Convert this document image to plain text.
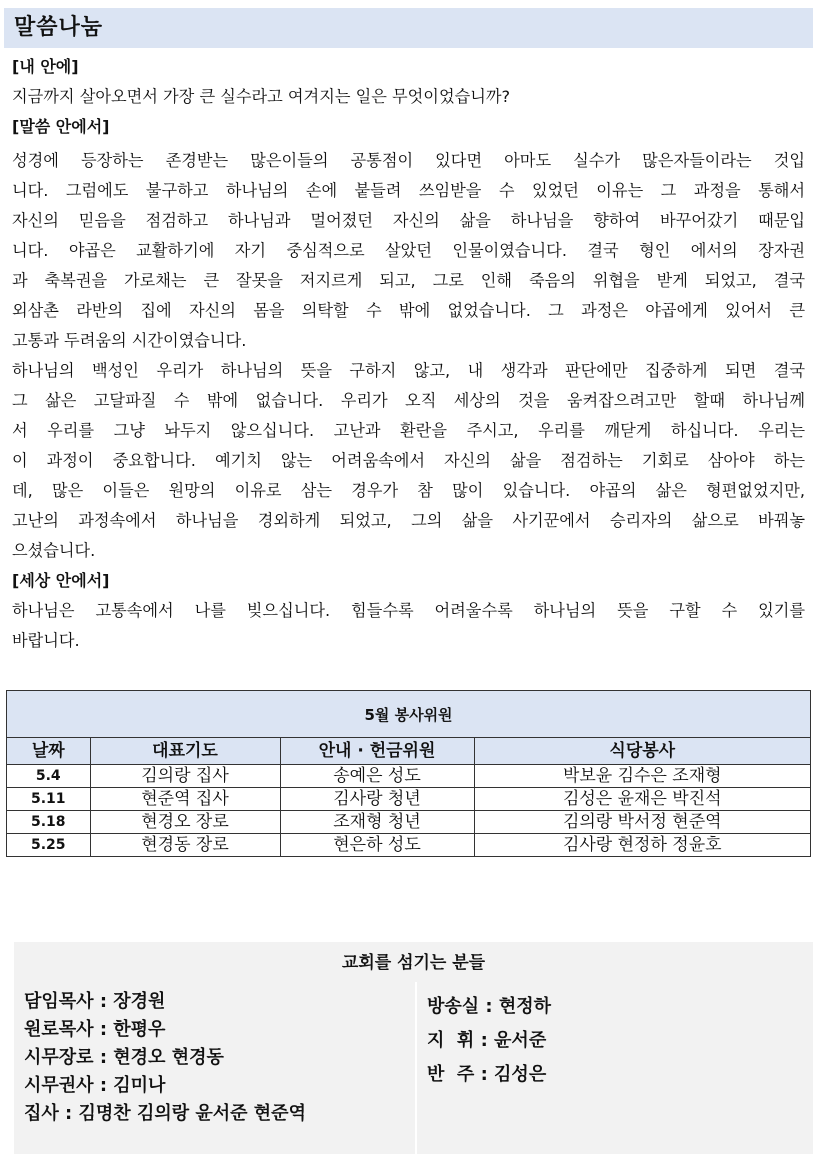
말씀나눔
[내 안에]
지금까지 살아오면서 가장 큰 실수라고 여겨지는 일은 무엇이었습니까?
[말씀 안에서]
성경에 등장하는 존경받는 많은이들의 공통점이 있다면 아마도 실수가 많은자들이라는 것입
니다. 그럼에도 불구하고 하나님의 손에 붙들려 쓰임받을 수 있었던 이유는 그 과정을 통해서
자신의 믿음을 점검하고 하나님과 멀어졌던 자신의 삶을 하나님을 향하여 바꾸어갔기 때문입
니다. 야곱은 교활하기에 자기 중심적으로 살았던 인물이였습니다. 결국 형인 에서의 장자권
과 축복권을 가로채는 큰 잘못을 저지르게 되고, 그로 인해 죽음의 위협을 받게 되었고, 결국
외삼촌 라반의 집에 자신의 몸을 의탁할 수 밖에 없었습니다. 그 과정은 야곱에게 있어서 큰
고통과 두려움의 시간이였습니다.
하나님의 백성인 우리가 하나님의 뜻을 구하지 않고, 내 생각과 판단에만 집중하게 되면 결국
그 삶은 고달파질 수 밖에 없습니다. 우리가 오직 세상의 것을 움켜잡으려고만 할때 하나님께
서 우리를 그냥 놔두지 않으십니다. 고난과 환란을 주시고, 우리를 깨닫게 하십니다. 우리는
이 과정이 중요합니다. 예기치 않는 어려움속에서 자신의 삶을 점검하는 기회로 삼아야 하는
데, 많은 이들은 원망의 이유로 삼는 경우가 참 많이 있습니다. 야곱의 삶은 형편없었지만,
고난의 과정속에서 하나님을 경외하게 되었고, 그의 삶을 사기꾼에서 승리자의 삶으로 바꿔놓
으셨습니다.
[세상 안에서]
하나님은 고통속에서 나를 빚으십니다. 힘들수록 어려울수록 하나님의 뜻을 구할 수 있기를
바랍니다.
5월 봉사위원
날짜	대표기도	안내 · 헌금위원	식당봉사
5.4	김의랑 집사	송예은 성도	박보윤 김수은 조재형
5.11	현준역 집사	김사랑 청년	김성은 윤재은 박진석
5.18	현경오 장로	조재형 청년	김의랑 박서정 현준역
5.25	현경동 장로	현은하 성도	김사랑 현정하 정윤호
교회를 섬기는 분들
담임목사 : 장경원
원로목사 : 한평우
시무장로 : 현경오 현경동
시무권사 : 김미나
집사 : 김명찬 김의랑 윤서준 현준역
방송실 : 현정하
지  휘 : 윤서준
반  주 : 김성은
